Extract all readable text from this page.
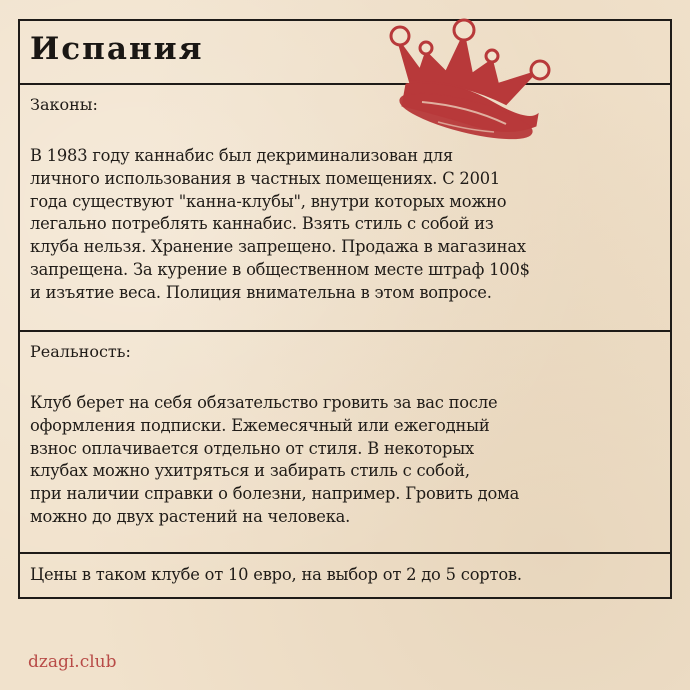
Испания
Законы:
В 1983 году каннабис был декриминализован для
личного использования в частных помещениях. С 2001
года существуют "канна-клубы", внутри которых можно
легально потреблять каннабис. Взять стиль с собой из
клуба нельзя. Хранение запрещено. Продажа в магазинах
запрещена. За курение в общественном месте штраф 100$
и изъятие веса. Полиция внимательна в этом вопросе.
Реальность:
Клуб берет на себя обязательство гровить за вас после
оформления подписки. Ежемесячный или ежегодный
взнос оплачивается отдельно от стиля. В некоторых
клубах можно ухитряться и забирать стиль с собой,
при наличии справки о болезни, например. Гровить дома
можно до двух растений на человека.
Цены в таком клубе от 10 евро, на выбор от 2 до 5 сортов.
dzagi.club
